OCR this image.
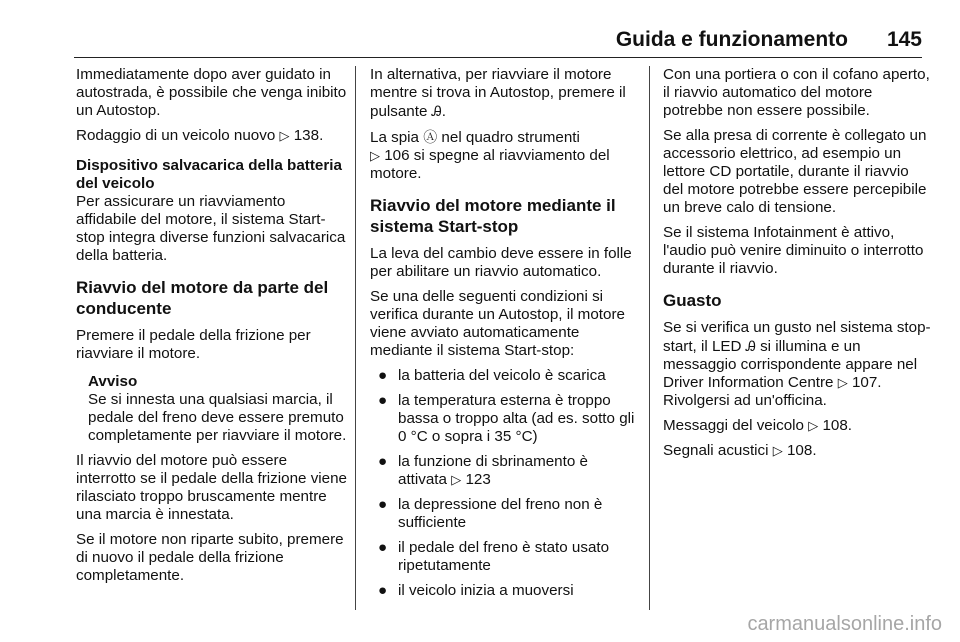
Guida e funzionamento 145

Immediatamente dopo aver guidato in autostrada, è possibile che venga inibito un Autostop.

Rodaggio di un veicolo nuovo ▷ 138.

Dispositivo salvacarica della batteria del veicolo

Per assicurare un riavviamento affidabile del motore, il sistema Start-stop integra diverse funzioni salvacarica della batteria.

Riavvio del motore da parte del conducente

Premere il pedale della frizione per riavviare il motore.

Avviso

Se si innesta una qualsiasi marcia, il pedale del freno deve essere premuto completamente per riavviare il motore.

Il riavvio del motore può essere interrotto se il pedale della frizione viene rilasciato troppo bruscamente mentre una marcia è innestata.

Se il motore non riparte subito, premere di nuovo il pedale della frizione completamente.

In alternativa, per riavviare il motore mentre si trova in Autostop, premere il pulsante Ꭿ.

La spia Ⓐ nel quadro strumenti
▷ 106 si spegne al riavviamento del motore.

Riavvio del motore mediante il sistema Start-stop

La leva del cambio deve essere in folle per abilitare un riavvio automatico.

Se una delle seguenti condizioni si verifica durante un Autostop, il motore viene avviato automaticamente mediante il sistema Start-stop:

● la batteria del veicolo è scarica
● la temperatura esterna è troppo bassa o troppo alta (ad es. sotto gli 0 °C o sopra i 35 °C)
● la funzione di sbrinamento è attivata ▷ 123
● la depressione del freno non è sufficiente
● il pedale del freno è stato usato ripetutamente
● il veicolo inizia a muoversi

Con una portiera o con il cofano aperto, il riavvio automatico del motore potrebbe non essere possibile.

Se alla presa di corrente è collegato un accessorio elettrico, ad esempio un lettore CD portatile, durante il riavvio del motore potrebbe essere percepibile un breve calo di tensione.

Se il sistema Infotainment è attivo, l'audio può venire diminuito o interrotto durante il riavvio.

Guasto

Se si verifica un gusto nel sistema stop-start, il LED Ꭿ si illumina e un messaggio corrispondente appare nel Driver Information Centre ▷ 107. Rivolgersi ad un'officina.

Messaggi del veicolo ▷ 108.

Segnali acustici ▷ 108.

carmanualsonline.info
